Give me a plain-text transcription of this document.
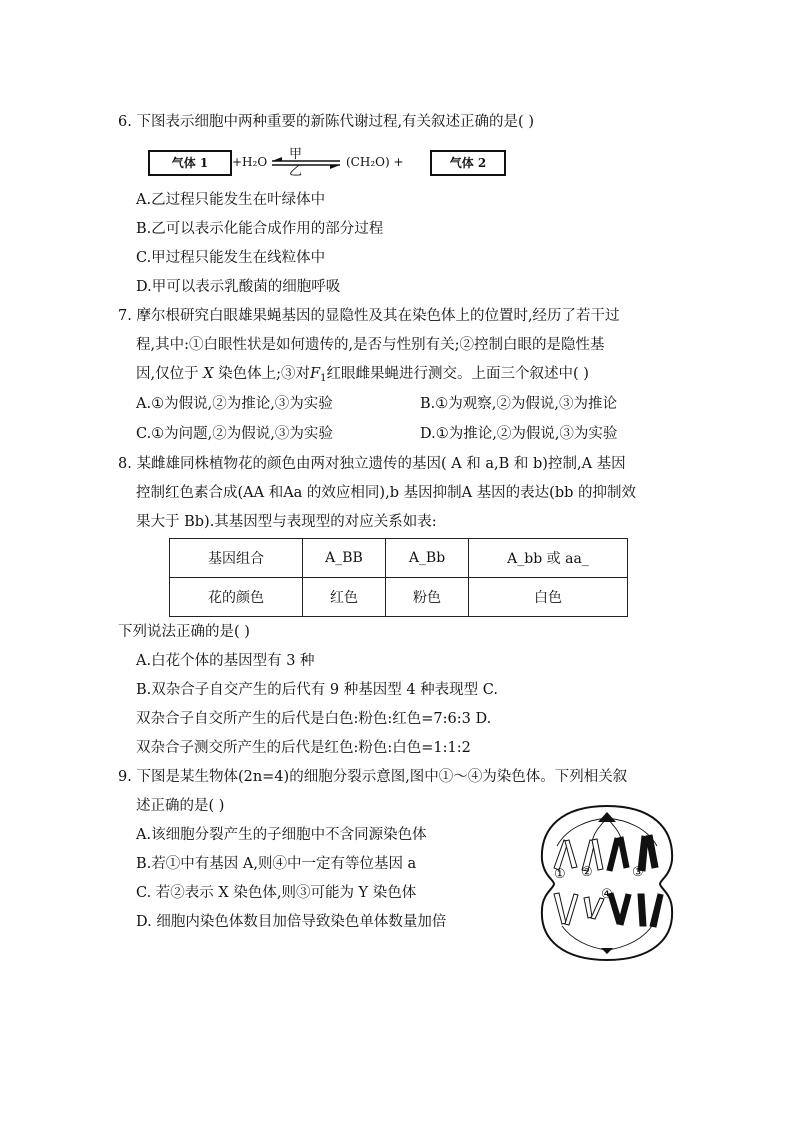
6. 下图表示细胞中两种重要的新陈代谢过程,有关叙述正确的是( )
气体 1	+H₂O 甲
乙
(CH₂O) +	气体 2
A.乙过程只能发生在叶绿体中
B.乙可以表示化能合成作用的部分过程
C.甲过程只能发生在线粒体中
D.甲可以表示乳酸菌的细胞呼吸
7. 摩尔根研究白眼雄果蝇基因的显隐性及其在染色体上的位置时,经历了若干过
程,其中:①白眼性状是如何遗传的,是否与性别有关;②控制白眼的是隐性基
因,仅位于 X 染色体上;③对$F_1$红眼雌果蝇进行测交。上面三个叙述中( )
A.①为假说,②为推论,③为实验	B.①为观察,②为假说,③为推论
C.①为问题,②为假说,③为实验	D.①为推论,②为假说,③为实验
8. 某雌雄同株植物花的颜色由两对独立遗传的基因( A 和 a,B 和 b)控制,A 基因
控制红色素合成(AA 和Aa 的效应相同),b 基因抑制A 基因的表达(bb 的抑制效
果大于 Bb).其基因型与表现型的对应关系如表:
基因组合	A_BB	A_Bb	A_bb 或 aa_
花的颜色	红色	粉色	白色
下列说法正确的是( )
A.白花个体的基因型有 3 种
B.双杂合子自交产生的后代有 9 种基因型 4 种表现型 C.
双杂合子自交所产生的后代是白色:粉色:红色=7:6:3 D.
双杂合子测交所产生的后代是红色:粉色:白色=1:1:2
9. 下图是某生物体(2n=4)的细胞分裂示意图,图中①～④为染色体。下列相关叙
述正确的是( )
A.该细胞分裂产生的子细胞中不含同源染色体
B.若①中有基因 A,则④中一定有等位基因 a
C. 若②表示 X 染色体,则③可能为 Y 染色体
D. 细胞内染色体数目加倍导致染色单体数量加倍
① ②	③
④
